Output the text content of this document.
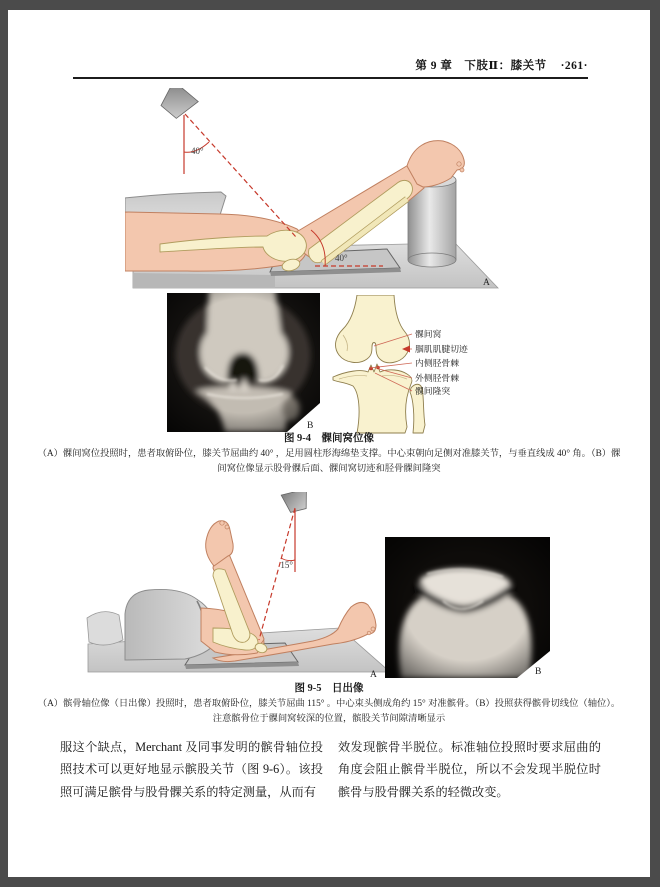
第 9 章　下肢Ⅱ：膝关节 ·261·
40°
40°
A
B
髁间窝
腘肌肌腱切迹
内侧胫骨棘
外侧胫骨棘
髁间隆突
图 9-4　髁间窝位像
（A）髁间窝位投照时，患者取俯卧位，膝关节屈曲约 40° ，足用圆柱形海绵垫支撑。中心束朝向足侧对准膝关节，与垂直线成 40° 角。（B）髁
间窝位像显示股骨髁后面、髁间窝切迹和胫骨髁间隆突
15°
A	B
图 9-5　日出像
（A）髌骨轴位像（日出像）投照时，患者取俯卧位，膝关节屈曲 115° 。中心束头侧成角约 15° 对准髌骨。（B）投照获得髌骨切线位（轴位）。
注意髌骨位于髁间窝较深的位置，髌股关节间隙清晰显示
服这个缺点，Merchant 及同事发明的髌骨轴位投照技术可以更好地显示髌股关节（图 9-6）。该投照可满足髌骨与股骨髁关系的特定测量，从而有
效发现髌骨半脱位。标准轴位投照时要求屈曲的角度会阻止髌骨半脱位，所以不会发现半脱位时髌骨与股骨髁关系的轻微改变。
